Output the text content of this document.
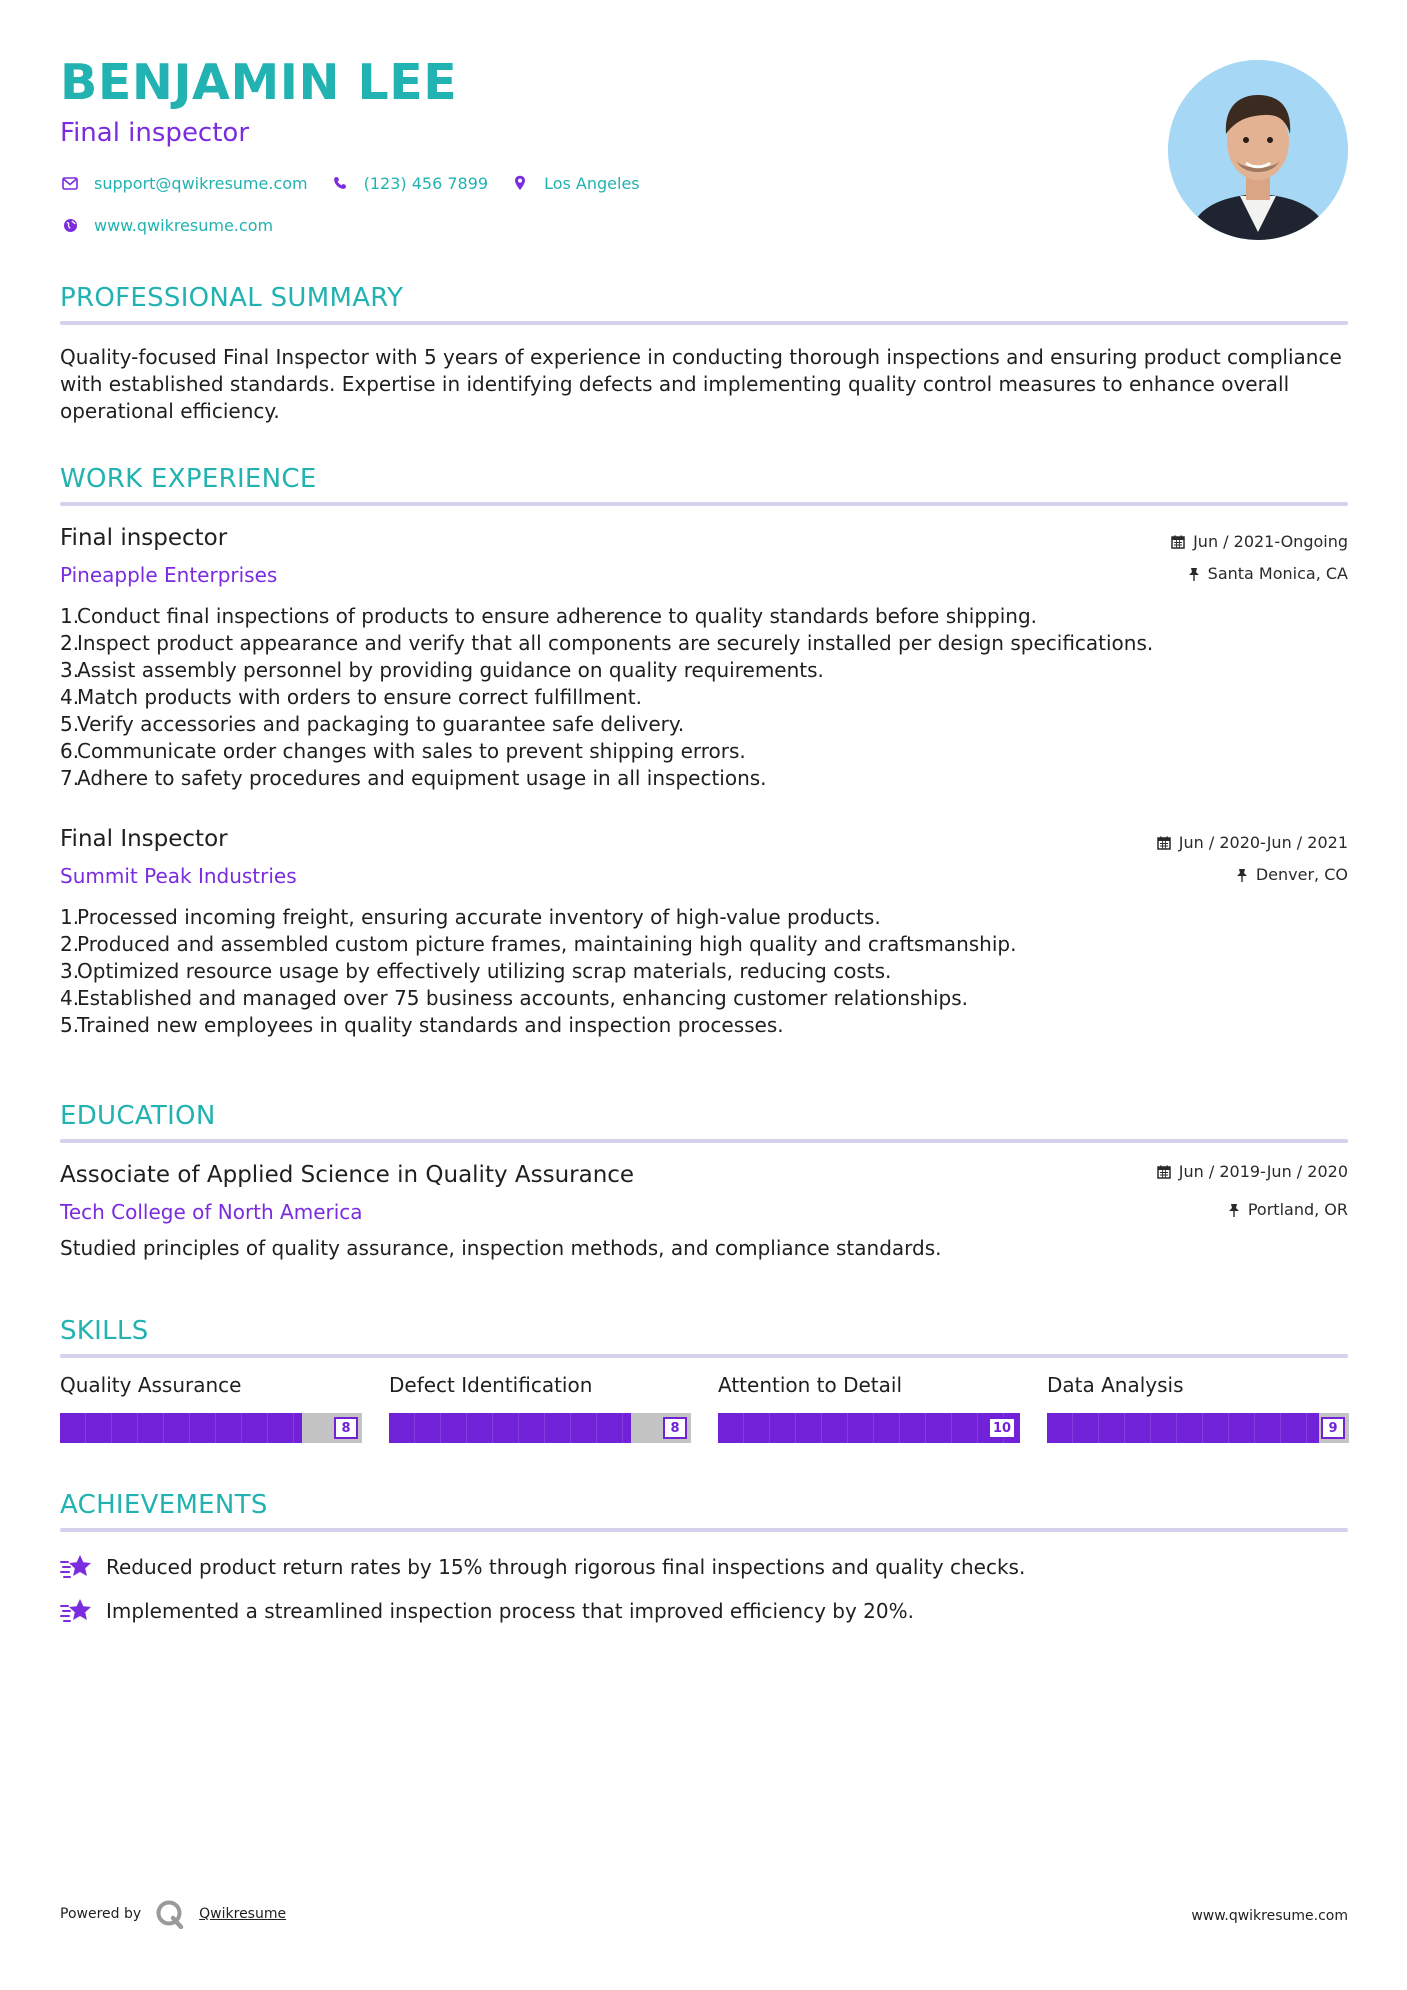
BENJAMIN LEE
Final inspector
support@qwikresume.com	(123) 456 7899	Los Angeles
www.qwikresume.com
PROFESSIONAL SUMMARY
Quality-focused Final Inspector with 5 years of experience in conducting thorough inspections and ensuring product compliance with established standards. Expertise in identifying defects and implementing quality control measures to enhance overall operational efficiency.
WORK EXPERIENCE
Final inspector
Pineapple Enterprises
Jun / 2021-Ongoing
Santa Monica, CA
1.
Conduct final inspections of products to ensure adherence to quality standards before shipping.
2.
Inspect product appearance and verify that all components are securely installed per design specifications.
3.
Assist assembly personnel by providing guidance on quality requirements.
4.
Match products with orders to ensure correct fulfillment.
5.
Verify accessories and packaging to guarantee safe delivery.
6.
Communicate order changes with sales to prevent shipping errors.
7.
Adhere to safety procedures and equipment usage in all inspections.
Final Inspector
Summit Peak Industries
Jun / 2020-Jun / 2021
Denver, CO
1.
Processed incoming freight, ensuring accurate inventory of high-value products.
2.
Produced and assembled custom picture frames, maintaining high quality and craftsmanship.
3.
Optimized resource usage by effectively utilizing scrap materials, reducing costs.
4.
Established and managed over 75 business accounts, enhancing customer relationships.
5.
Trained new employees in quality standards and inspection processes.
EDUCATION
Associate of Applied Science in Quality Assurance
Tech College of North America
Jun / 2019-Jun / 2020
Portland, OR
Studied principles of quality assurance, inspection methods, and compliance standards.
SKILLS
Quality Assurance
8
Defect Identification
8
Attention to Detail
10
Data Analysis
9
ACHIEVEMENTS
Reduced product return rates by 15% through rigorous final inspections and quality checks.
Implemented a streamlined inspection process that improved efficiency by 20%.
Powered by	Qwikresume	www.qwikresume.com
